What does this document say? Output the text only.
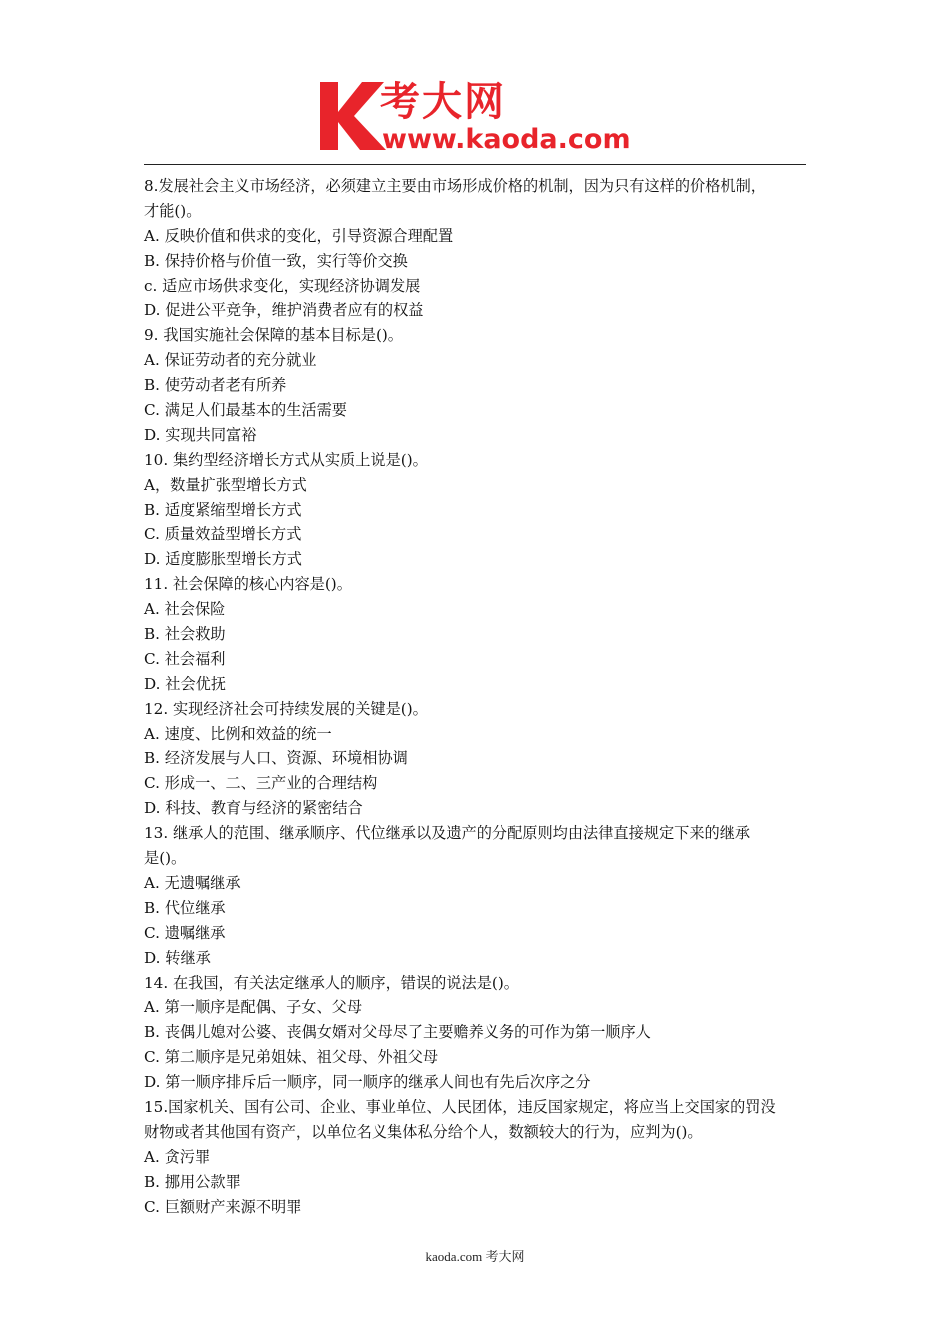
考大网
www.kaoda.com
8.发展社会主义市场经济，必须建立主要由市场形成价格的机制，因为只有这样的价格机制，
才能()。
A. 反映价值和供求的变化，引导资源合理配置
B. 保持价格与价值一致，实行等价交换
c. 适应市场供求变化，实现经济协调发展
D. 促进公平竞争，维护消费者应有的权益
9. 我国实施社会保障的基本目标是()。
A. 保证劳动者的充分就业
B. 使劳动者老有所养
C. 满足人们最基本的生活需要
D. 实现共同富裕
10. 集约型经济增长方式从实质上说是()。
A，数量扩张型增长方式
B. 适度紧缩型增长方式
C. 质量效益型增长方式
D. 适度膨胀型增长方式
11. 社会保障的核心内容是()。
A. 社会保险
B. 社会救助
C. 社会福利
D. 社会优抚
12. 实现经济社会可持续发展的关键是()。
A. 速度、比例和效益的统一
B. 经济发展与人口、资源、环境相协调
C. 形成一、二、三产业的合理结构
D. 科技、教育与经济的紧密结合
13. 继承人的范围、继承顺序、代位继承以及遗产的分配原则均由法律直接规定下来的继承
是()。
A. 无遗嘱继承
B. 代位继承
C. 遗嘱继承
D. 转继承
14. 在我国，有关法定继承人的顺序，错误的说法是()。
A. 第一顺序是配偶、子女、父母
B. 丧偶儿媳对公婆、丧偶女婿对父母尽了主要赡养义务的可作为第一顺序人
C. 第二顺序是兄弟姐妹、祖父母、外祖父母
D. 第一顺序排斥后一顺序，同一顺序的继承人间也有先后次序之分
15.国家机关、国有公司、企业、事业单位、人民团体，违反国家规定，将应当上交国家的罚没
财物或者其他国有资产，以单位名义集体私分给个人，数额较大的行为，应判为()。
A. 贪污罪
B. 挪用公款罪
C. 巨额财产来源不明罪
kaoda.com 考大网
